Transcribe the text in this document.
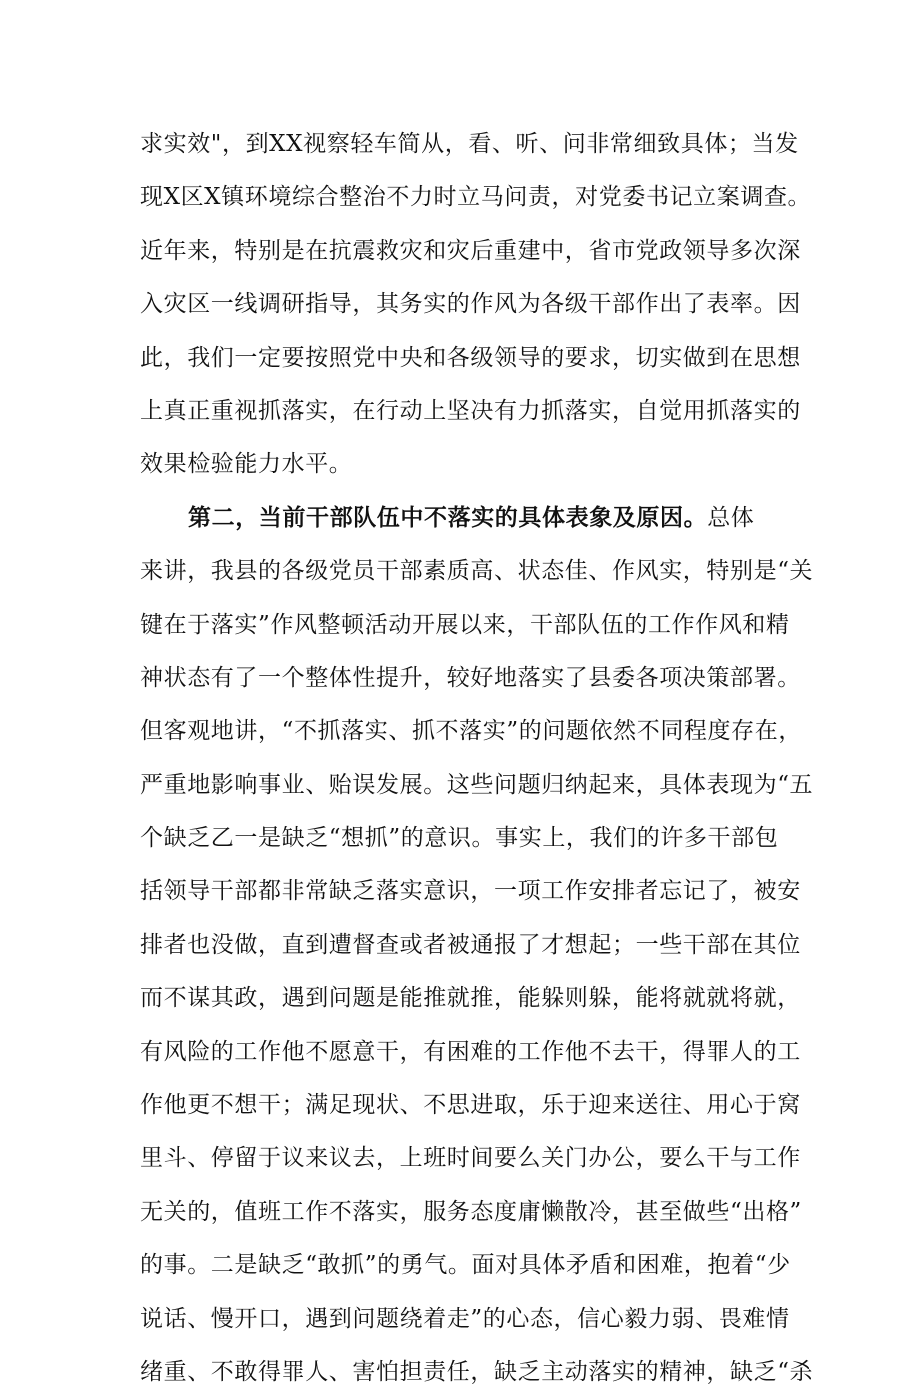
求实效"，到XX视察轻车简从，看、听、问非常细致具体；当发
现X区X镇环境综合整治不力时立马问责，对党委书记立案调查。
近年来，特别是在抗震救灾和灾后重建中，省市党政领导多次深
入灾区一线调研指导，其务实的作风为各级干部作出了表率。因
此，我们一定要按照党中央和各级领导的要求，切实做到在思想
上真正重视抓落实，在行动上坚决有力抓落实，自觉用抓落实的
效果检验能力水平。
第二，当前干部队伍中不落实的具体表象及原因。总体
来讲，我县的各级党员干部素质高、状态佳、作风实，特别是“关
键在于落实”作风整顿活动开展以来，干部队伍的工作作风和精
神状态有了一个整体性提升，较好地落实了县委各项决策部署。
但客观地讲，“不抓落实、抓不落实”的问题依然不同程度存在，
严重地影响事业、贻误发展。这些问题归纳起来，具体表现为“五
个缺乏乙一是缺乏“想抓”的意识。事实上，我们的许多干部包
括领导干部都非常缺乏落实意识，一项工作安排者忘记了，被安
排者也没做，直到遭督查或者被通报了才想起；一些干部在其位
而不谋其政，遇到问题是能推就推，能躲则躲，能将就就将就，
有风险的工作他不愿意干，有困难的工作他不去干，得罪人的工
作他更不想干；满足现状、不思进取，乐于迎来送往、用心于窝
里斗、停留于议来议去，上班时间要么关门办公，要么干与工作
无关的，值班工作不落实，服务态度庸懒散冷，甚至做些“出格”
的事。二是缺乏“敢抓”的勇气。面对具体矛盾和困难，抱着“少
说话、慢开口，遇到问题绕着走”的心态，信心毅力弱、畏难情
绪重、不敢得罪人、害怕担责任，缺乏主动落实的精神，缺乏“杀
